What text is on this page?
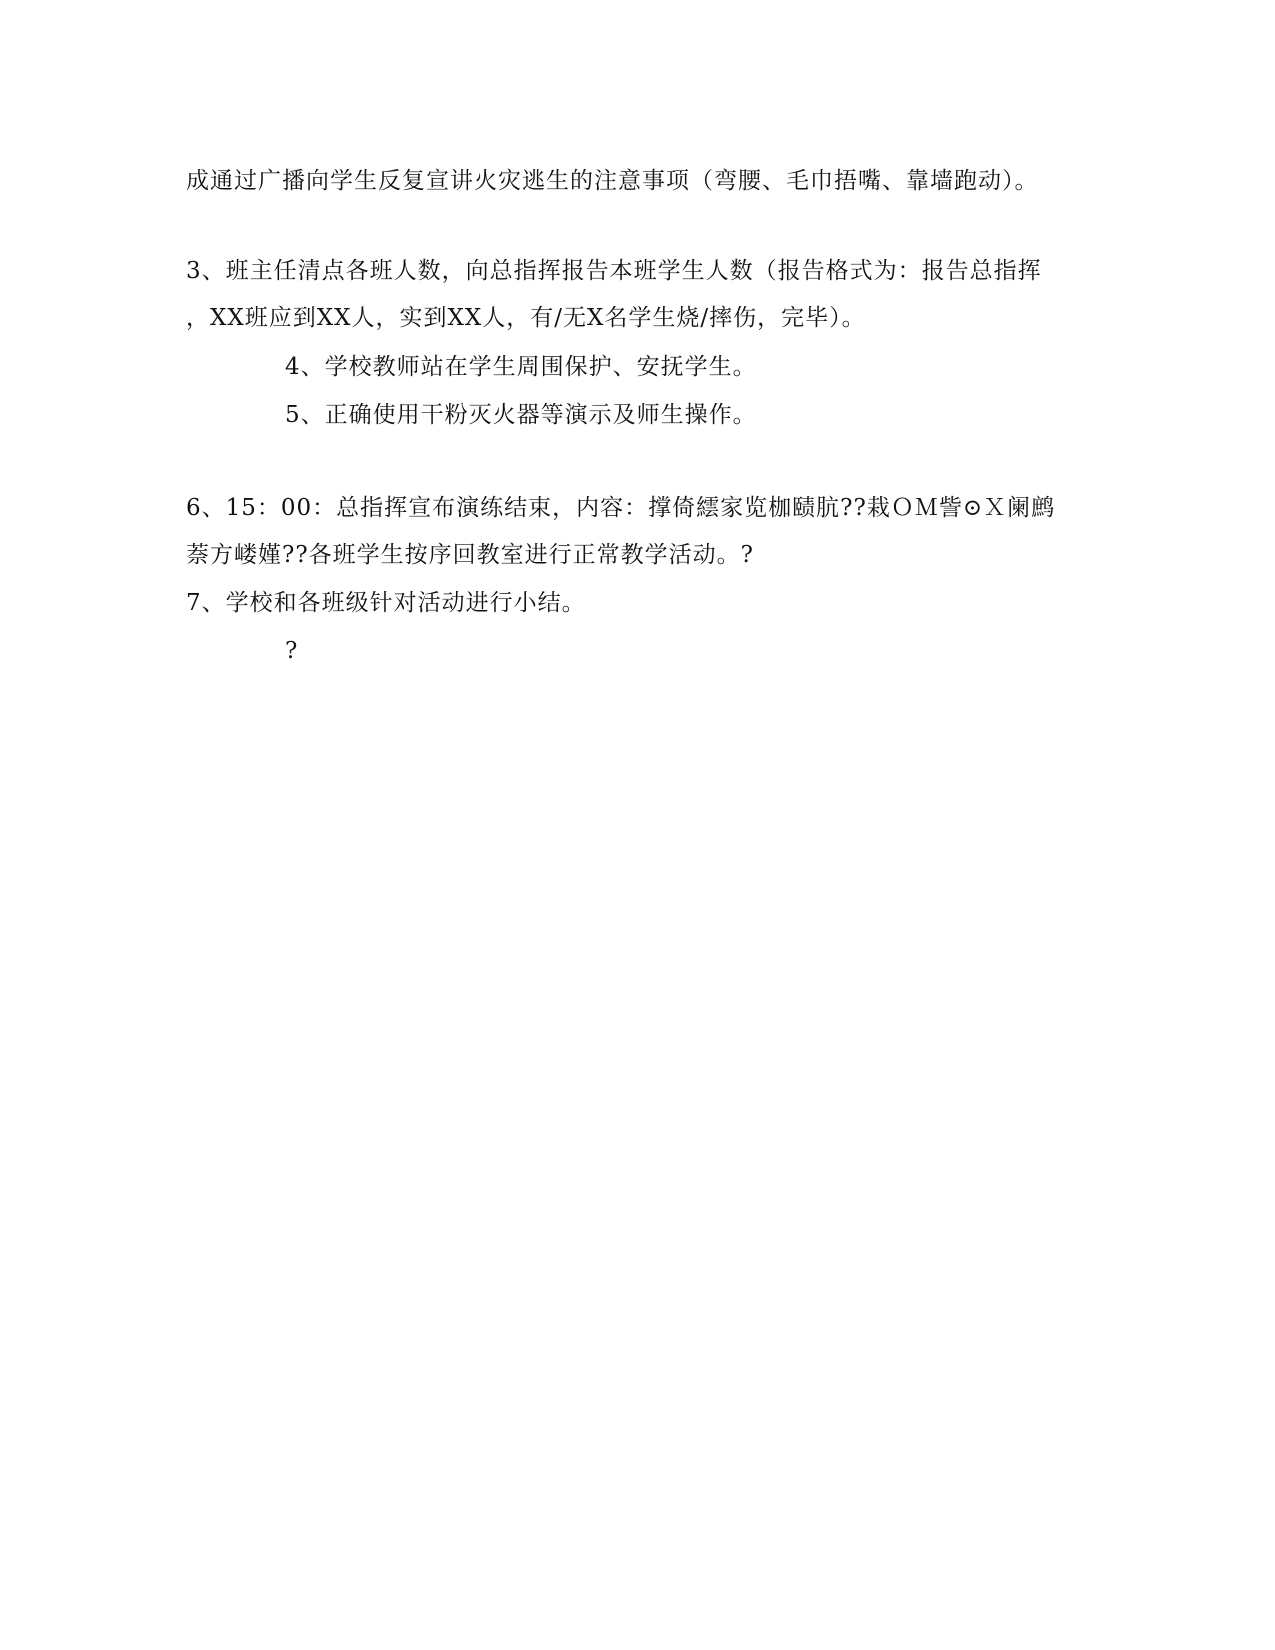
成通过广播向学生反复宣讲火灾逃生的注意事项（弯腰、毛巾捂嘴、靠墙跑动）。
3、班主任清点各班人数，向总指挥报告本班学生人数（报告格式为：报告总指挥
，XX班应到XX人，实到XX人，有/无X名学生烧/摔伤，完毕）。
4、学校教师站在学生周围保护、安抚学生。
5、正确使用干粉灭火器等演示及师生操作。
6、15：00：总指挥宣布演练结束，内容：撑倚繧家览枷赜肮??栽ＯＭ訾⊙Ｘ阑鹧
萘方嵝嫤??各班学生按序回教室进行正常教学活动。?
7、学校和各班级针对活动进行小结。
?
